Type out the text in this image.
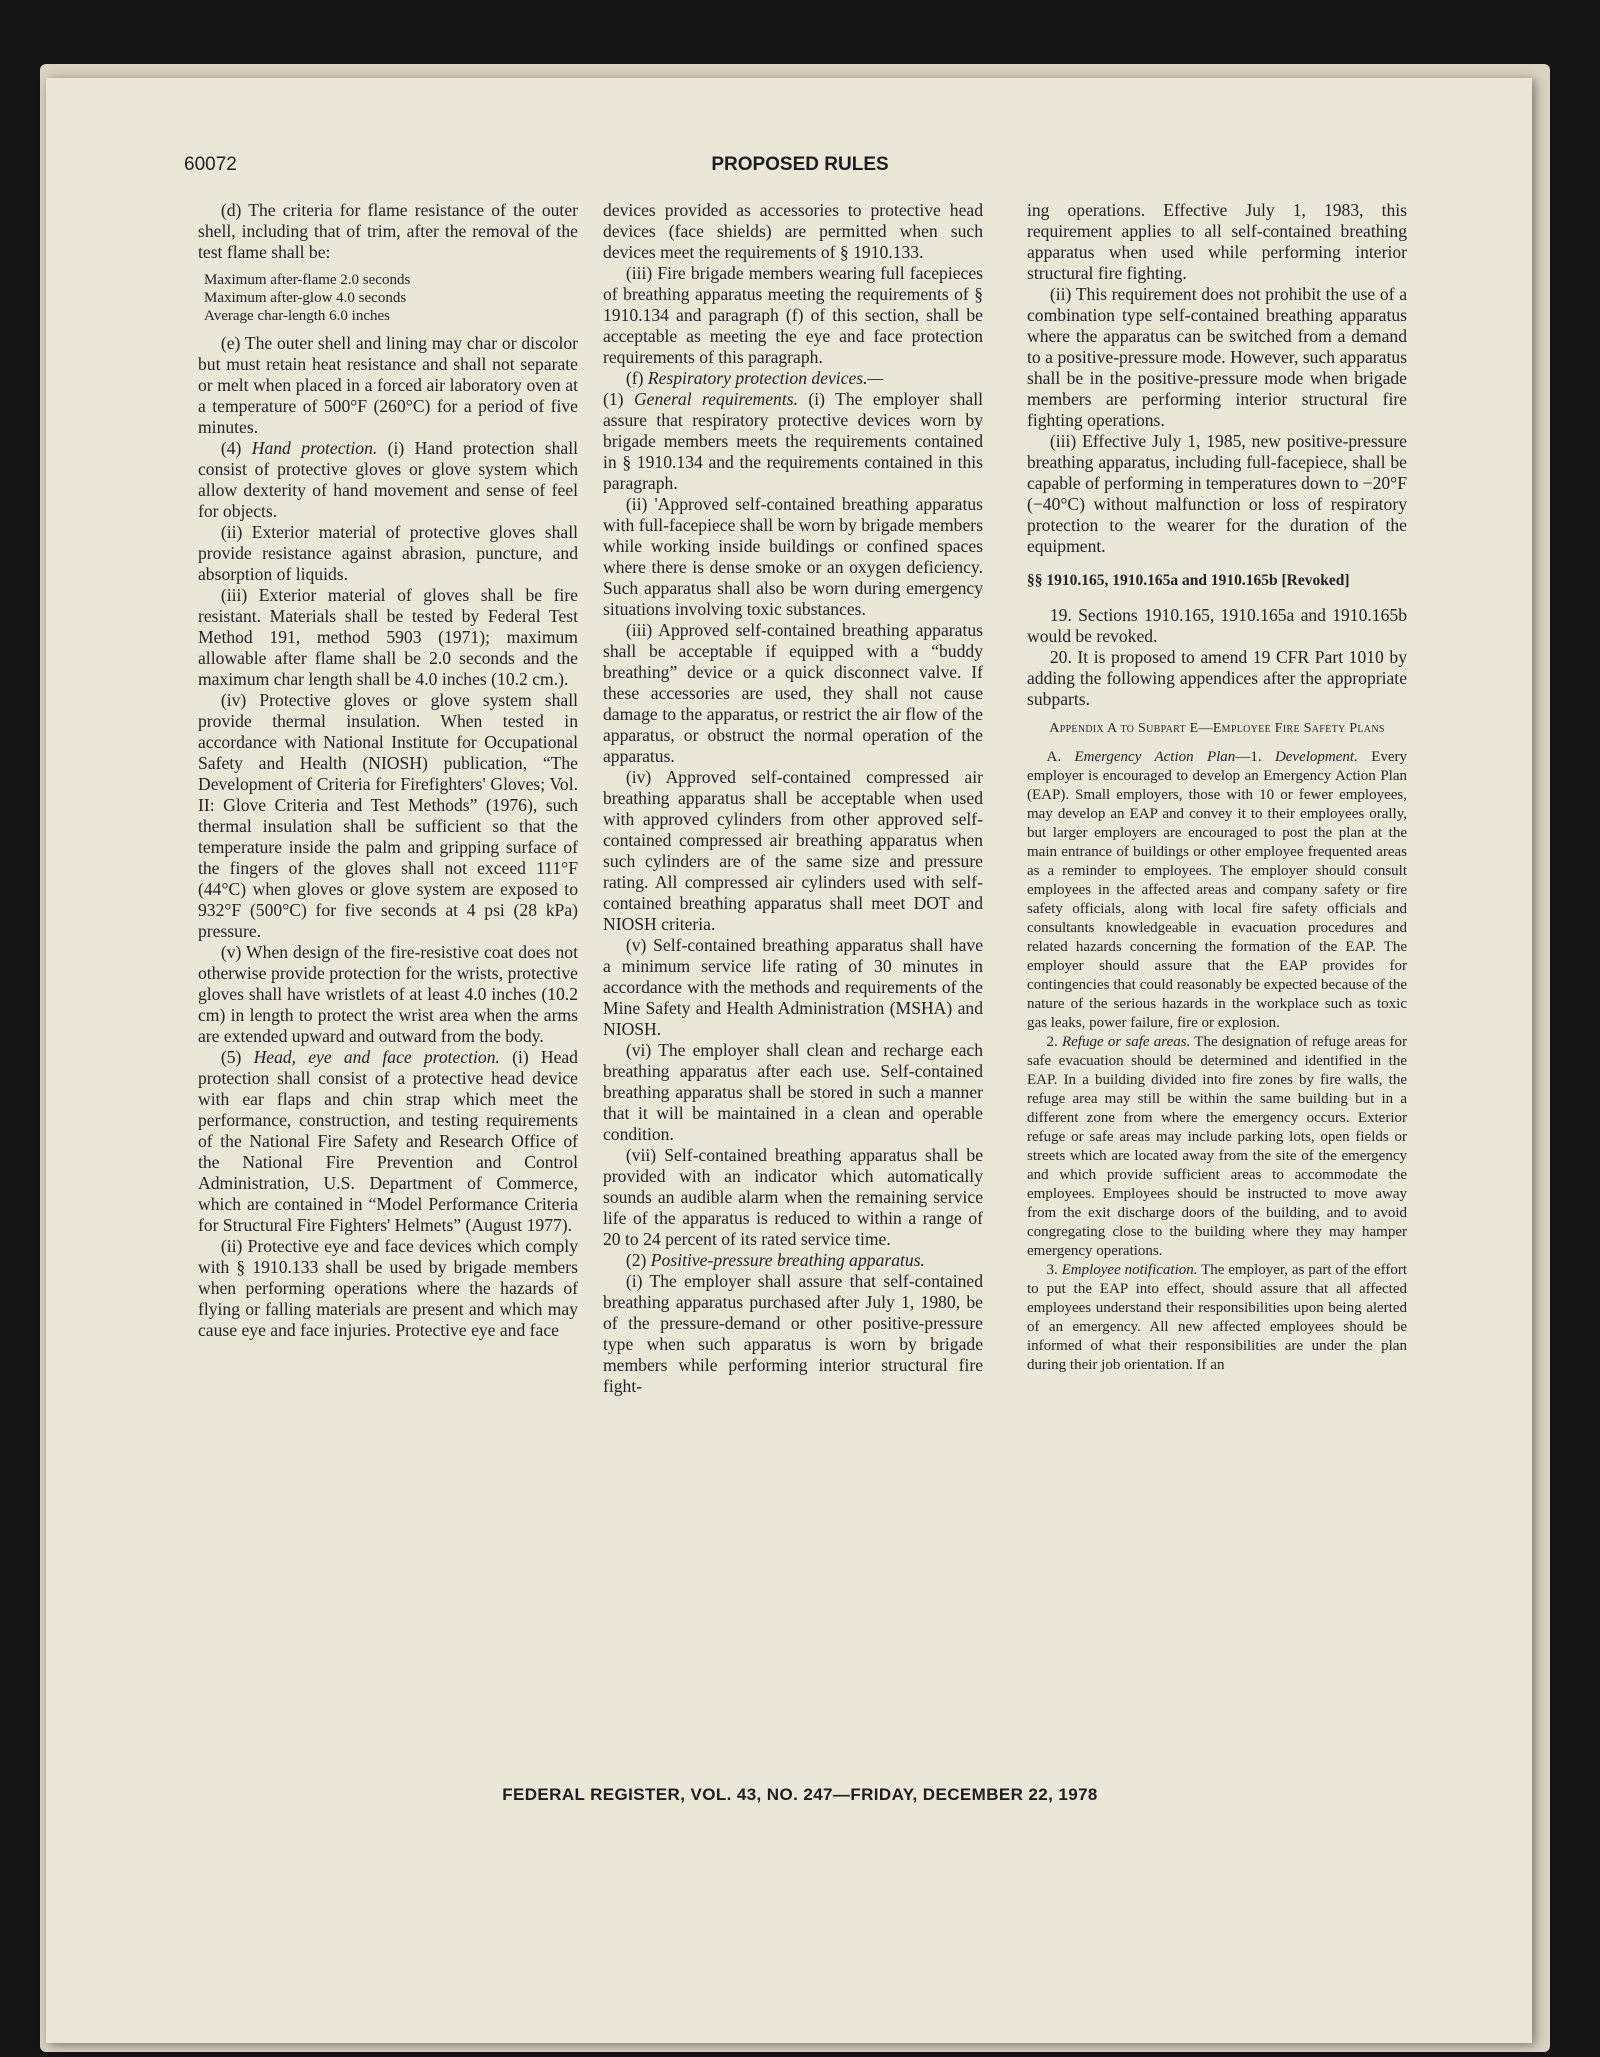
60072	PROPOSED RULES

(d) The criteria for flame resistance of the outer shell, including that of trim, after the removal of the test flame shall be:

Maximum after-flame 2.0 seconds
Maximum after-glow 4.0 seconds
Average char-length 6.0 inches

(e) The outer shell and lining may char or discolor but must retain heat resistance and shall not separate or melt when placed in a forced air laboratory oven at a temperature of 500°F (260°C) for a period of five minutes.

(4) Hand protection. (i) Hand protection shall consist of protective gloves or glove system which allow dexterity of hand movement and sense of feel for objects.

(ii) Exterior material of protective gloves shall provide resistance against abrasion, puncture, and absorption of liquids.

(iii) Exterior material of gloves shall be fire resistant. Materials shall be tested by Federal Test Method 191, method 5903 (1971); maximum allowable after flame shall be 2.0 seconds and the maximum char length shall be 4.0 inches (10.2 cm.).

(iv) Protective gloves or glove system shall provide thermal insulation. When tested in accordance with National Institute for Occupational Safety and Health (NIOSH) publication, “The Development of Criteria for Firefighters' Gloves; Vol. II: Glove Criteria and Test Methods” (1976), such thermal insulation shall be sufficient so that the temperature inside the palm and gripping surface of the fingers of the gloves shall not exceed 111°F (44°C) when gloves or glove system are exposed to 932°F (500°C) for five seconds at 4 psi (28 kPa) pressure.

(v) When design of the fire-resistive coat does not otherwise provide protection for the wrists, protective gloves shall have wristlets of at least 4.0 inches (10.2 cm) in length to protect the wrist area when the arms are extended upward and outward from the body.

(5) Head, eye and face protection. (i) Head protection shall consist of a protective head device with ear flaps and chin strap which meet the performance, construction, and testing requirements of the National Fire Safety and Research Office of the National Fire Prevention and Control Administration, U.S. Department of Commerce, which are contained in “Model Performance Criteria for Structural Fire Fighters' Helmets” (August 1977).

(ii) Protective eye and face devices which comply with § 1910.133 shall be used by brigade members when performing operations where the hazards of flying or falling materials are present and which may cause eye and face injuries. Protective eye and face

devices provided as accessories to protective head devices (face shields) are permitted when such devices meet the requirements of § 1910.133.

(iii) Fire brigade members wearing full facepieces of breathing apparatus meeting the requirements of § 1910.134 and paragraph (f) of this section, shall be acceptable as meeting the eye and face protection requirements of this paragraph.

(f) Respiratory protection devices.—
(1) General requirements. (i) The employer shall assure that respiratory protective devices worn by brigade members meets the requirements contained in § 1910.134 and the requirements contained in this paragraph.

(ii) 'Approved self-contained breathing apparatus with full-facepiece shall be worn by brigade members while working inside buildings or confined spaces where there is dense smoke or an oxygen deficiency. Such apparatus shall also be worn during emergency situations involving toxic substances.

(iii) Approved self-contained breathing apparatus shall be acceptable if equipped with a “buddy breathing” device or a quick disconnect valve. If these accessories are used, they shall not cause damage to the apparatus, or restrict the air flow of the apparatus, or obstruct the normal operation of the apparatus.

(iv) Approved self-contained compressed air breathing apparatus shall be acceptable when used with approved cylinders from other approved self-contained compressed air breathing apparatus when such cylinders are of the same size and pressure rating. All compressed air cylinders used with self-contained breathing apparatus shall meet DOT and NIOSH criteria.

(v) Self-contained breathing apparatus shall have a minimum service life rating of 30 minutes in accordance with the methods and requirements of the Mine Safety and Health Administration (MSHA) and NIOSH.

(vi) The employer shall clean and recharge each breathing apparatus after each use. Self-contained breathing apparatus shall be stored in such a manner that it will be maintained in a clean and operable condition.

(vii) Self-contained breathing apparatus shall be provided with an indicator which automatically sounds an audible alarm when the remaining service life of the apparatus is reduced to within a range of 20 to 24 percent of its rated service time.

(2) Positive-pressure breathing apparatus.

(i) The employer shall assure that self-contained breathing apparatus purchased after July 1, 1980, be of the pressure-demand or other positive-pressure type when such apparatus is worn by brigade members while performing interior structural fire fight-

ing operations. Effective July 1, 1983, this requirement applies to all self-contained breathing apparatus when used while performing interior structural fire fighting.

(ii) This requirement does not prohibit the use of a combination type self-contained breathing apparatus where the apparatus can be switched from a demand to a positive-pressure mode. However, such apparatus shall be in the positive-pressure mode when brigade members are performing interior structural fire fighting operations.

(iii) Effective July 1, 1985, new positive-pressure breathing apparatus, including full-facepiece, shall be capable of performing in temperatures down to −20°F (−40°C) without malfunction or loss of respiratory protection to the wearer for the duration of the equipment.

§§ 1910.165, 1910.165a and 1910.165b [Revoked]

19. Sections 1910.165, 1910.165a and 1910.165b would be revoked.

20. It is proposed to amend 19 CFR Part 1010 by adding the following appendices after the appropriate subparts.

Appendix A to Subpart E—Employee Fire Safety Plans

A. Emergency Action Plan—1. Development. Every employer is encouraged to develop an Emergency Action Plan (EAP). Small employers, those with 10 or fewer employees, may develop an EAP and convey it to their employees orally, but larger employers are encouraged to post the plan at the main entrance of buildings or other employee frequented areas as a reminder to employees. The employer should consult employees in the affected areas and company safety or fire safety officials, along with local fire safety officials and consultants knowledgeable in evacuation procedures and related hazards concerning the formation of the EAP. The employer should assure that the EAP provides for contingencies that could reasonably be expected because of the nature of the serious hazards in the workplace such as toxic gas leaks, power failure, fire or explosion.

2. Refuge or safe areas. The designation of refuge areas for safe evacuation should be determined and identified in the EAP. In a building divided into fire zones by fire walls, the refuge area may still be within the same building but in a different zone from where the emergency occurs. Exterior refuge or safe areas may include parking lots, open fields or streets which are located away from the site of the emergency and which provide sufficient areas to accommodate the employees. Employees should be instructed to move away from the exit discharge doors of the building, and to avoid congregating close to the building where they may hamper emergency operations.

3. Employee notification. The employer, as part of the effort to put the EAP into effect, should assure that all affected employees understand their responsibilities upon being alerted of an emergency. All new affected employees should be informed of what their responsibilities are under the plan during their job orientation. If an

FEDERAL REGISTER, VOL. 43, NO. 247—FRIDAY, DECEMBER 22, 1978
